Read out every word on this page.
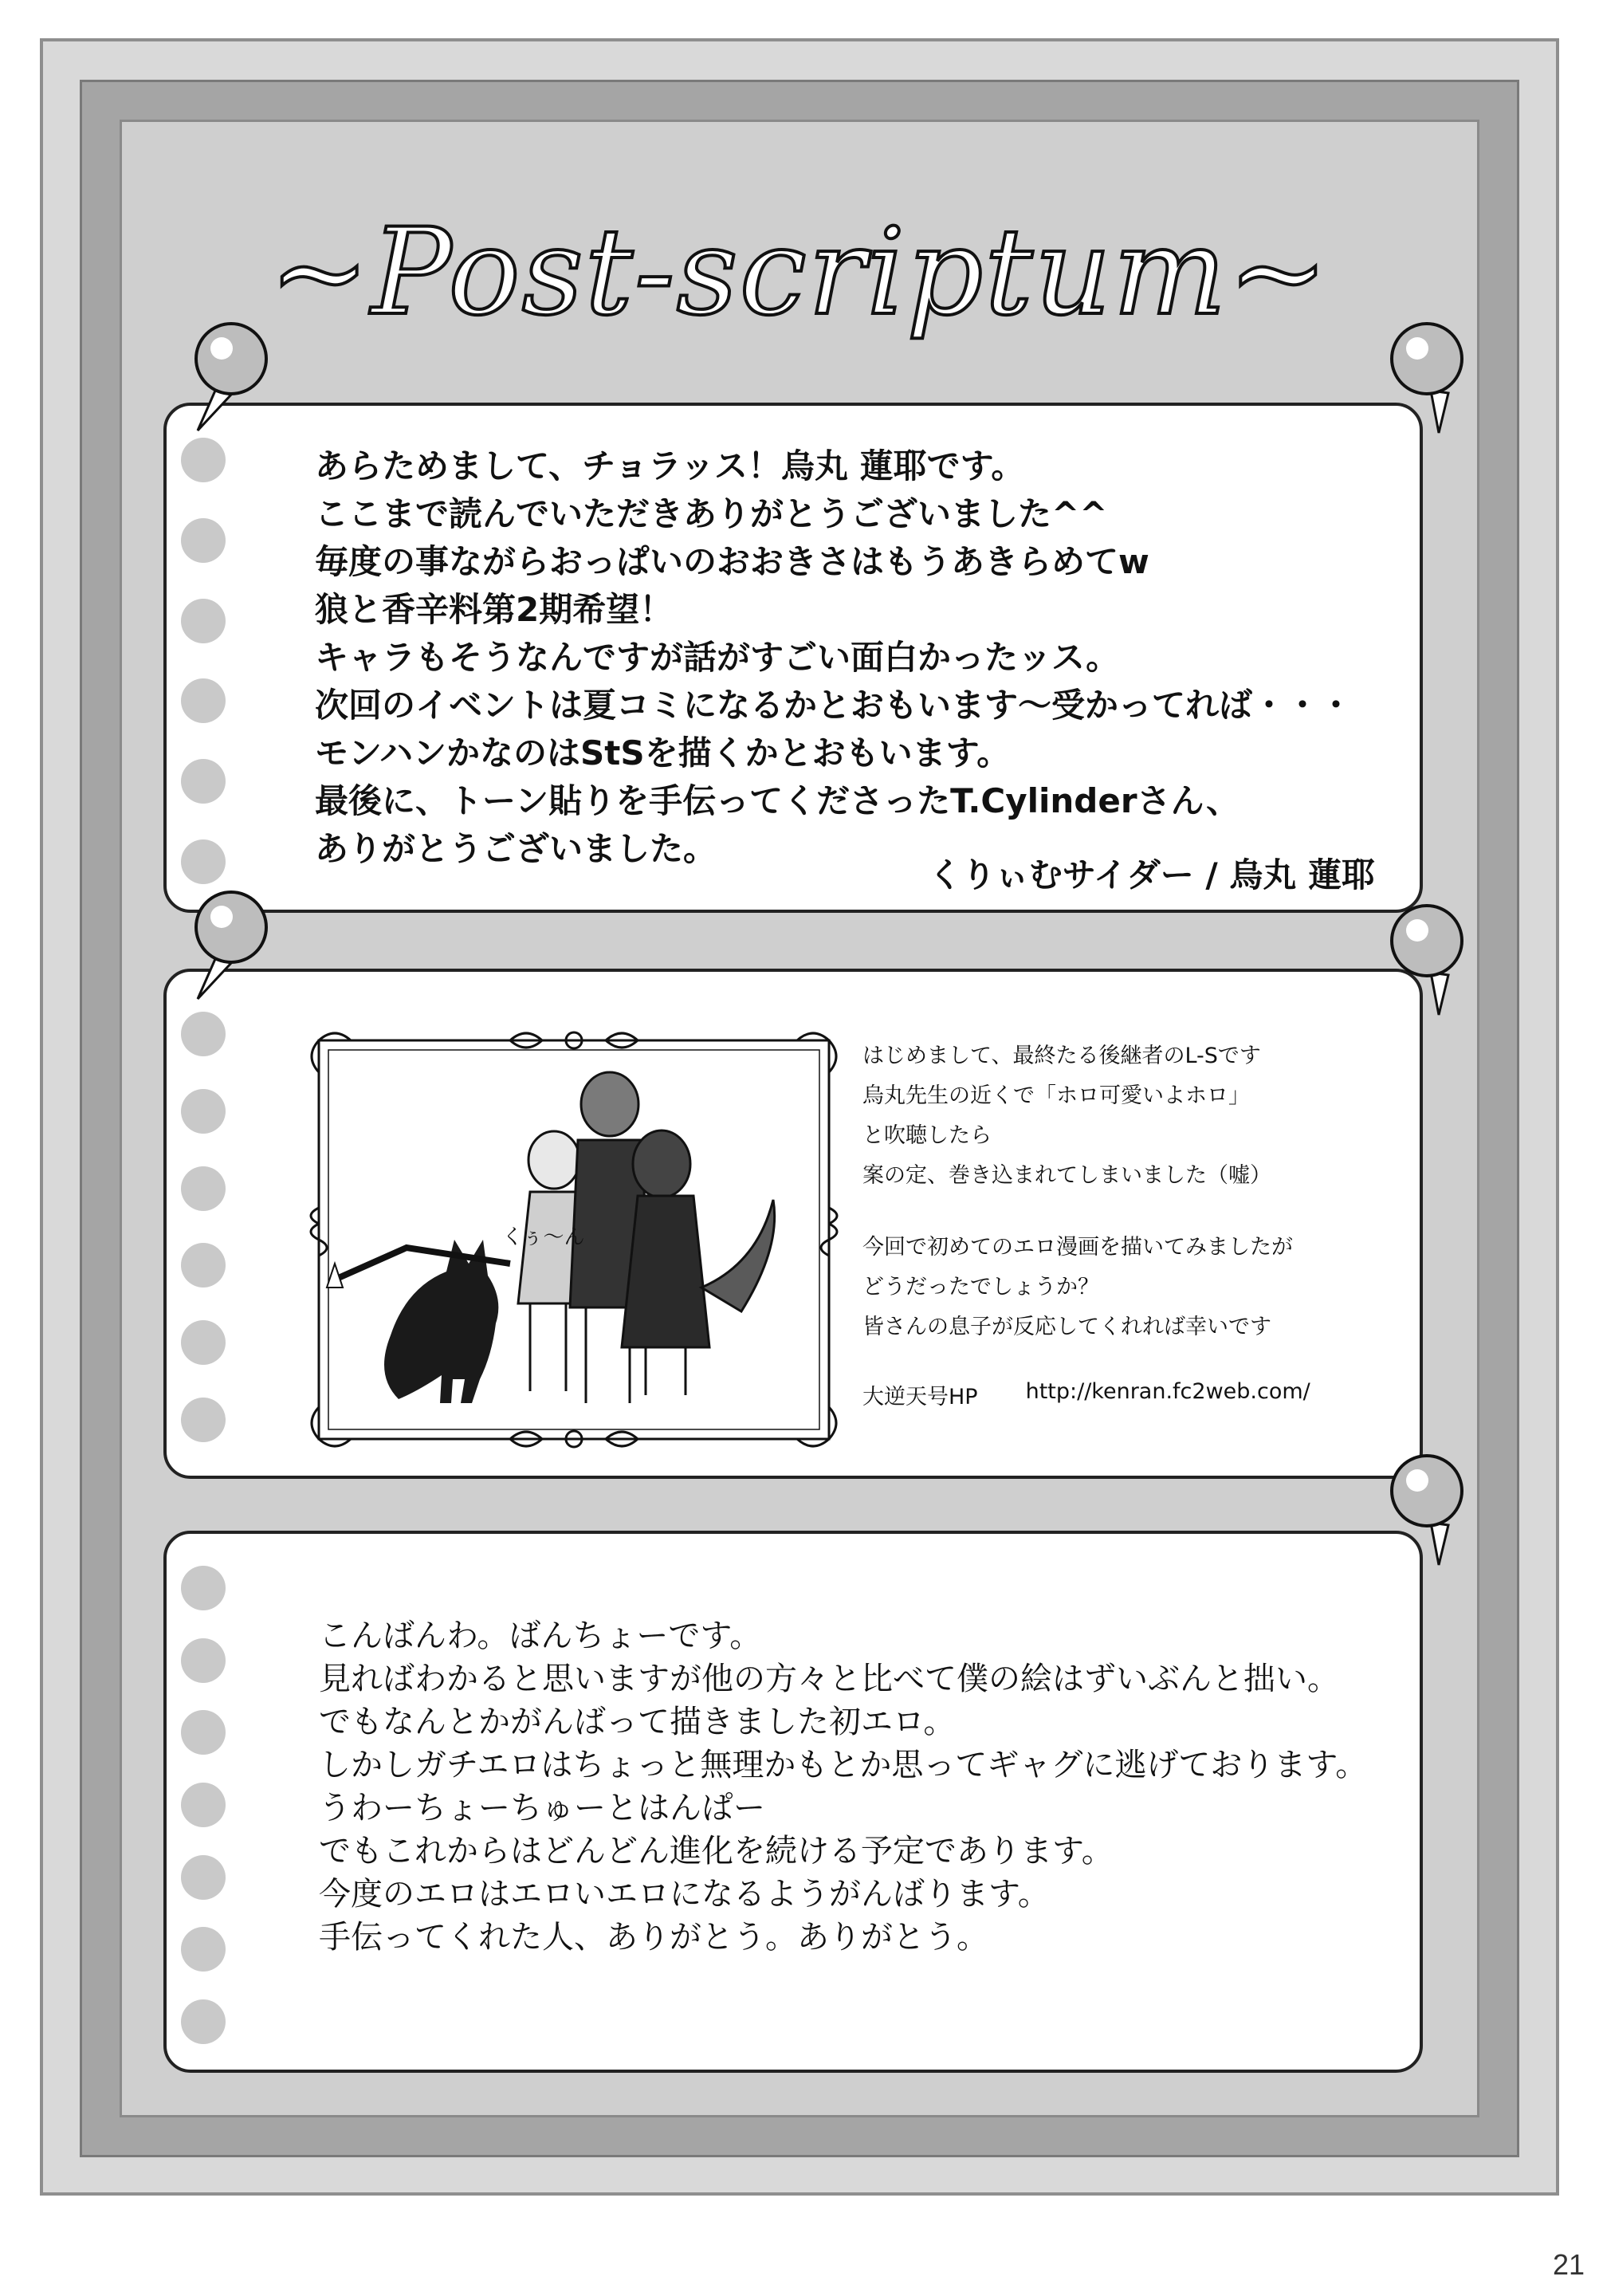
~Post-scriptum~
あらためまして、チョラッス！烏丸 蓮耶です。
ここまで読んでいただきありがとうございました^^
毎度の事ながらおっぱいのおおきさはもうあきらめてw
狼と香辛料第2期希望！
キャラもそうなんですが話がすごい面白かったッス。
次回のイベントは夏コミになるかとおもいます～受かってれば・・・
モンハンかなのはStSを描くかとおもいます。
最後に、トーン貼りを手伝ってくださったT.Cylinderさん、
ありがとうございました。
くりぃむサイダー / 烏丸 蓮耶
くぅ～ん
はじめまして、最終たる後継者のL-Sです
烏丸先生の近くで「ホロ可愛いよホロ」
と吹聴したら
案の定、巻き込まれてしまいました（嘘）
今回で初めてのエロ漫画を描いてみましたが
どうだったでしょうか？
皆さんの息子が反応してくれれば幸いです
大逆天号HP http://kenran.fc2web.com/
こんばんわ。ばんちょーです。
見ればわかると思いますが他の方々と比べて僕の絵はずいぶんと拙い。
でもなんとかがんばって描きました初エロ。
しかしガチエロはちょっと無理かもとか思ってギャグに逃げております。
うわーちょーちゅーとはんぱー
でもこれからはどんどん進化を続ける予定であります。
今度のエロはエロいエロになるようがんばります。
手伝ってくれた人、ありがとう。ありがとう。
21
